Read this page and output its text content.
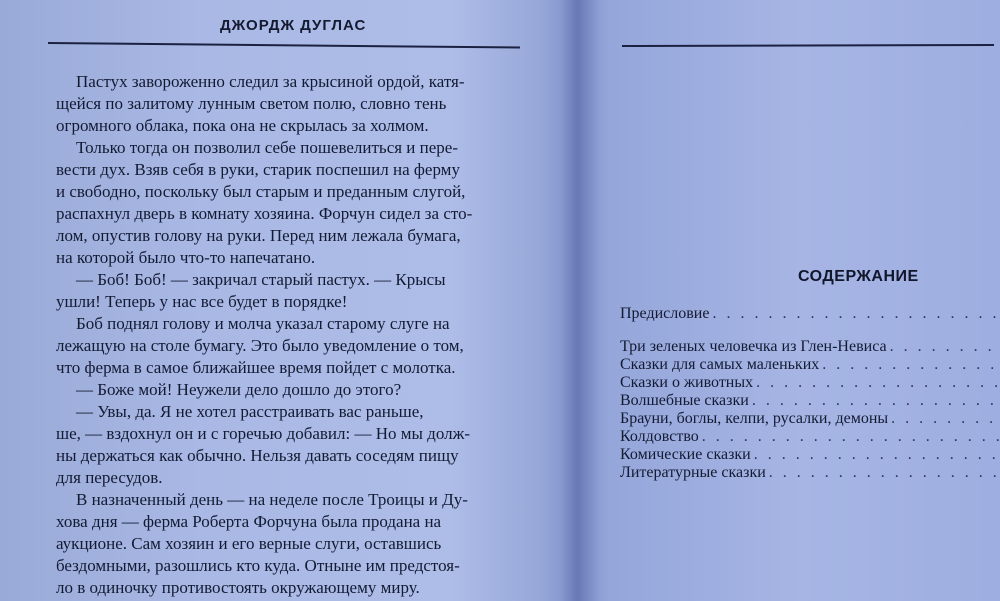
ДЖОРДЖ ДУГЛАС
Пастух завороженно следил за крысиной ордой, катя-
щейся по залитому лунным светом полю, словно тень
огромного облака, пока она не скрылась за холмом.
Только тогда он позволил себе пошевелиться и пере-
вести дух. Взяв себя в руки, старик поспешил на ферму
и свободно, поскольку был старым и преданным слугой,
распахнул дверь в комнату хозяина. Форчун сидел за сто-
лом, опустив голову на руки. Перед ним лежала бумага,
на которой было что-то напечатано.
— Боб! Боб! — закричал старый пастух. — Крысы
ушли! Теперь у нас все будет в порядке!
Боб поднял голову и молча указал старому слуге на
лежащую на столе бумагу. Это было уведомление о том,
что ферма в самое ближайшее время пойдет с молотка.
— Боже мой! Неужели дело дошло до этого?
— Увы, да. Я не хотел расстраивать вас раньше,
ше, — вздохнул он и с горечью добавил: — Но мы долж-
ны держаться как обычно. Нельзя давать соседям пищу
для пересудов.
В назначенный день — на неделе после Троицы и Ду-
хова дня — ферма Роберта Форчуна была продана на
аукционе. Сам хозяин и его верные слуги, оставшись
бездомными, разошлись кто куда. Отныне им предстоя-
ло в одиночку противостоять окружающему миру.
СОДЕРЖАНИЕ
Предисловие
. . .
Три зеленых человечка из Глен-Невиса
. . .
Сказки для самых маленьких
. . .
Сказки о животных
. . .
Волшебные сказки
. . .
Брауни, боглы, келпи, русалки, демоны
. . .
Колдовство
. . .
Комические сказки
. . .
Литературные сказки
. . .
